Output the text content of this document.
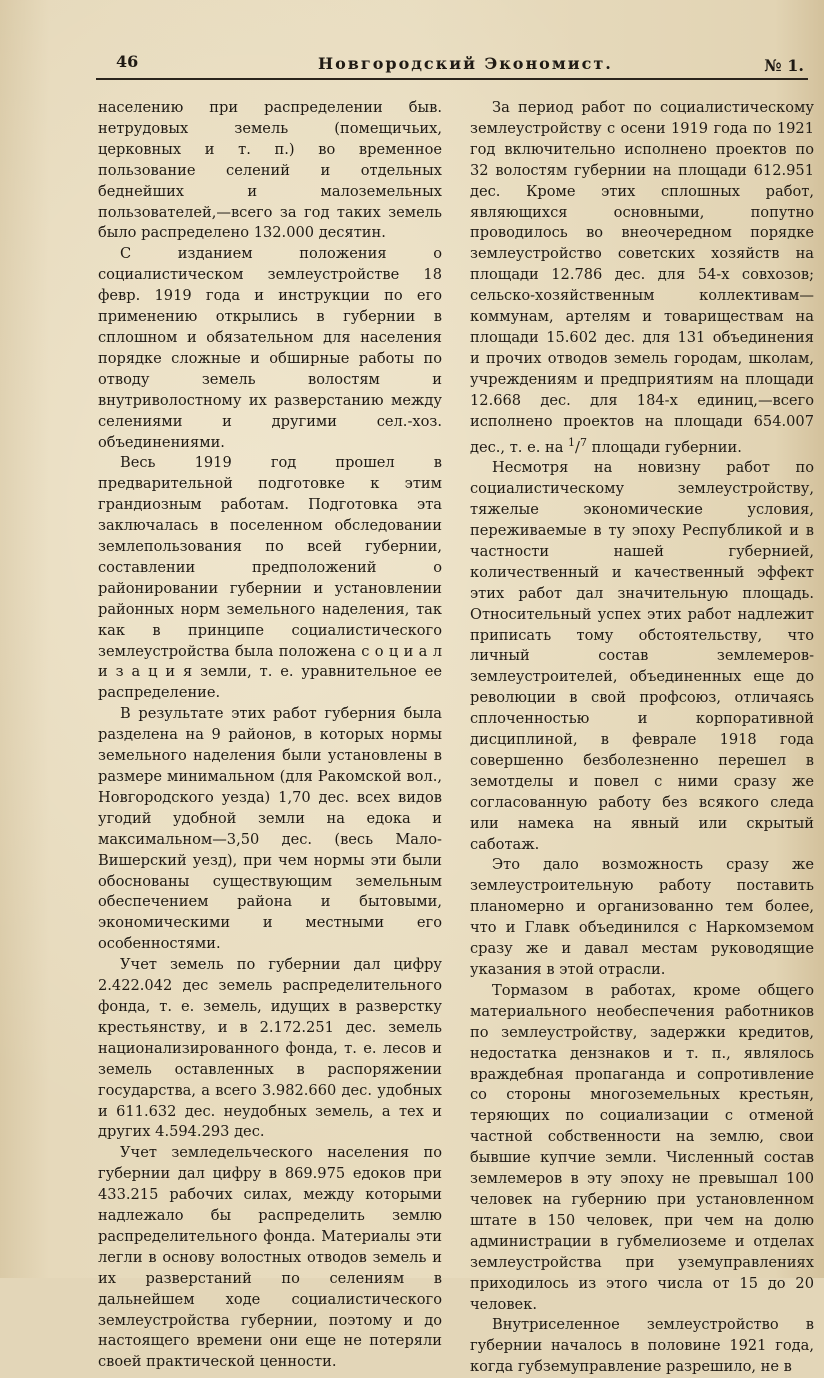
46	Новгородский Экономист.	№ 1.

населению при распределении быв. нетрудовых земель (помещичьих, церковных и т. п.) во временное пользование селений и отдельных беднейших и малоземельных пользователей,—всего за год таких земель было распределено 132.000 десятин.

С изданием положения о социалистическом землеустройстве 18 февр. 1919 года и инструкции по его применению открылись в губернии в сплошном и обязательном для населения порядке сложные и обширные работы по отводу земель волостям и внутриволостному их разверстанию между селениями и другими сел.-хоз. объединениями.

Весь 1919 год прошел в предварительной подготовке к этим грандиозным работам. Подготовка эта заключалась в поселенном обследовании землепользования по всей губернии, составлении предположений о районировании губернии и установлении районных норм земельного наделения, так как в принципе социалистического землеустройства была положена с о ц и а л и з а ц и я земли, т. е. уравнительное ее распределение.

В результате этих работ губерния была разделена на 9 районов, в которых нормы земельного наделения были установлены в размере минимальном (для Ракомской вол., Новгородского уезда) 1,70 дес. всех видов угодий удобной земли на едока и максимальном—3,50 дес. (весь Мало-Вишерский уезд), при чем нормы эти были обоснованы существующим земельным обеспечением района и бытовыми, экономическими и местными его особенностями.

Учет земель по губернии дал цифру 2.422.042 дес земель распределительного фонда, т. е. земель, идущих в разверстку крестьянству, и в 2.172.251 дес. земель национализированного фонда, т. е. лесов и земель оставленных в распоряжении государства, а всего 3.982.660 дес. удобных и 611.632 дес. неудобных земель, а тех и других 4.594.293 дес.

Учет земледельческого населения по губернии дал цифру в 869.975 едоков при 433.215 рабочих силах, между которыми надлежало бы распределить землю распределительного фонда. Материалы эти легли в основу волостных отводов земель и их разверстаний по селениям в дальнейшем ходе социалистического землеустройства губернии, поэтому и до настоящего времени они еще не потеряли своей практической ценности.

За период работ по социалистическому землеустройству с осени 1919 года по 1921 год включительно исполнено проектов по 32 волостям губернии на площади 612.951 дес. Кроме этих сплошных работ, являющихся основными, попутно проводилось во внеочередном порядке землеустройство советских хозяйств на площади 12.786 дес. для 54-х совхозов; сельско-хозяйственным коллективам—коммунам, артелям и товариществам на площади 15.602 дес. для 131 объединения и прочих отводов земель городам, школам, учреждениям и предприятиям на площади 12.668 дес. для 184-х единиц,—всего исполнено проектов на площади 654.007 дес., т. е. на $^1$/$^7$ площади губернии.

Несмотря на новизну работ по социалистическому землеустройству, тяжелые экономические условия, переживаемые в ту эпоху Республикой и в частности нашей губернией, количественный и качественный эффект этих работ дал значительную площадь. Относительный успех этих работ надлежит приписать тому обстоятельству, что личный состав землемеров-землеустроителей, объединенных еще до революции в свой профсоюз, отличаясь сплоченностью и корпоративной дисциплиной, в феврале 1918 года совершенно безболезненно перешел в земотделы и повел с ними сразу же согласованную работу без всякого следа или намека на явный или скрытый саботаж.

Это дало возможность сразу же землеустроительную работу поставить планомерно и организованно тем более, что и Главк объединился с Наркомземом сразу же и давал местам руководящие указания в этой отрасли.

Тормазом в работах, кроме общего материального необеспечения работников по землеустройству, задержки кредитов, недостатка дензнаков и т. п., являлось враждебная пропаганда и сопротивление со стороны многоземельных крестьян, теряющих по социализации с отменой частной собственности на землю, свои бывшие купчие земли. Численный состав землемеров в эту эпоху не превышал 100 человек на губернию при установленном штате в 150 человек, при чем на долю администрации в губмелиоземе и отделах землеустройства при уземуправлениях приходилось из этого числа от 15 до 20 человек.

Внутриселенное землеустройство в губернии началось в половине 1921 года, когда губземуправление разрешило, не в
